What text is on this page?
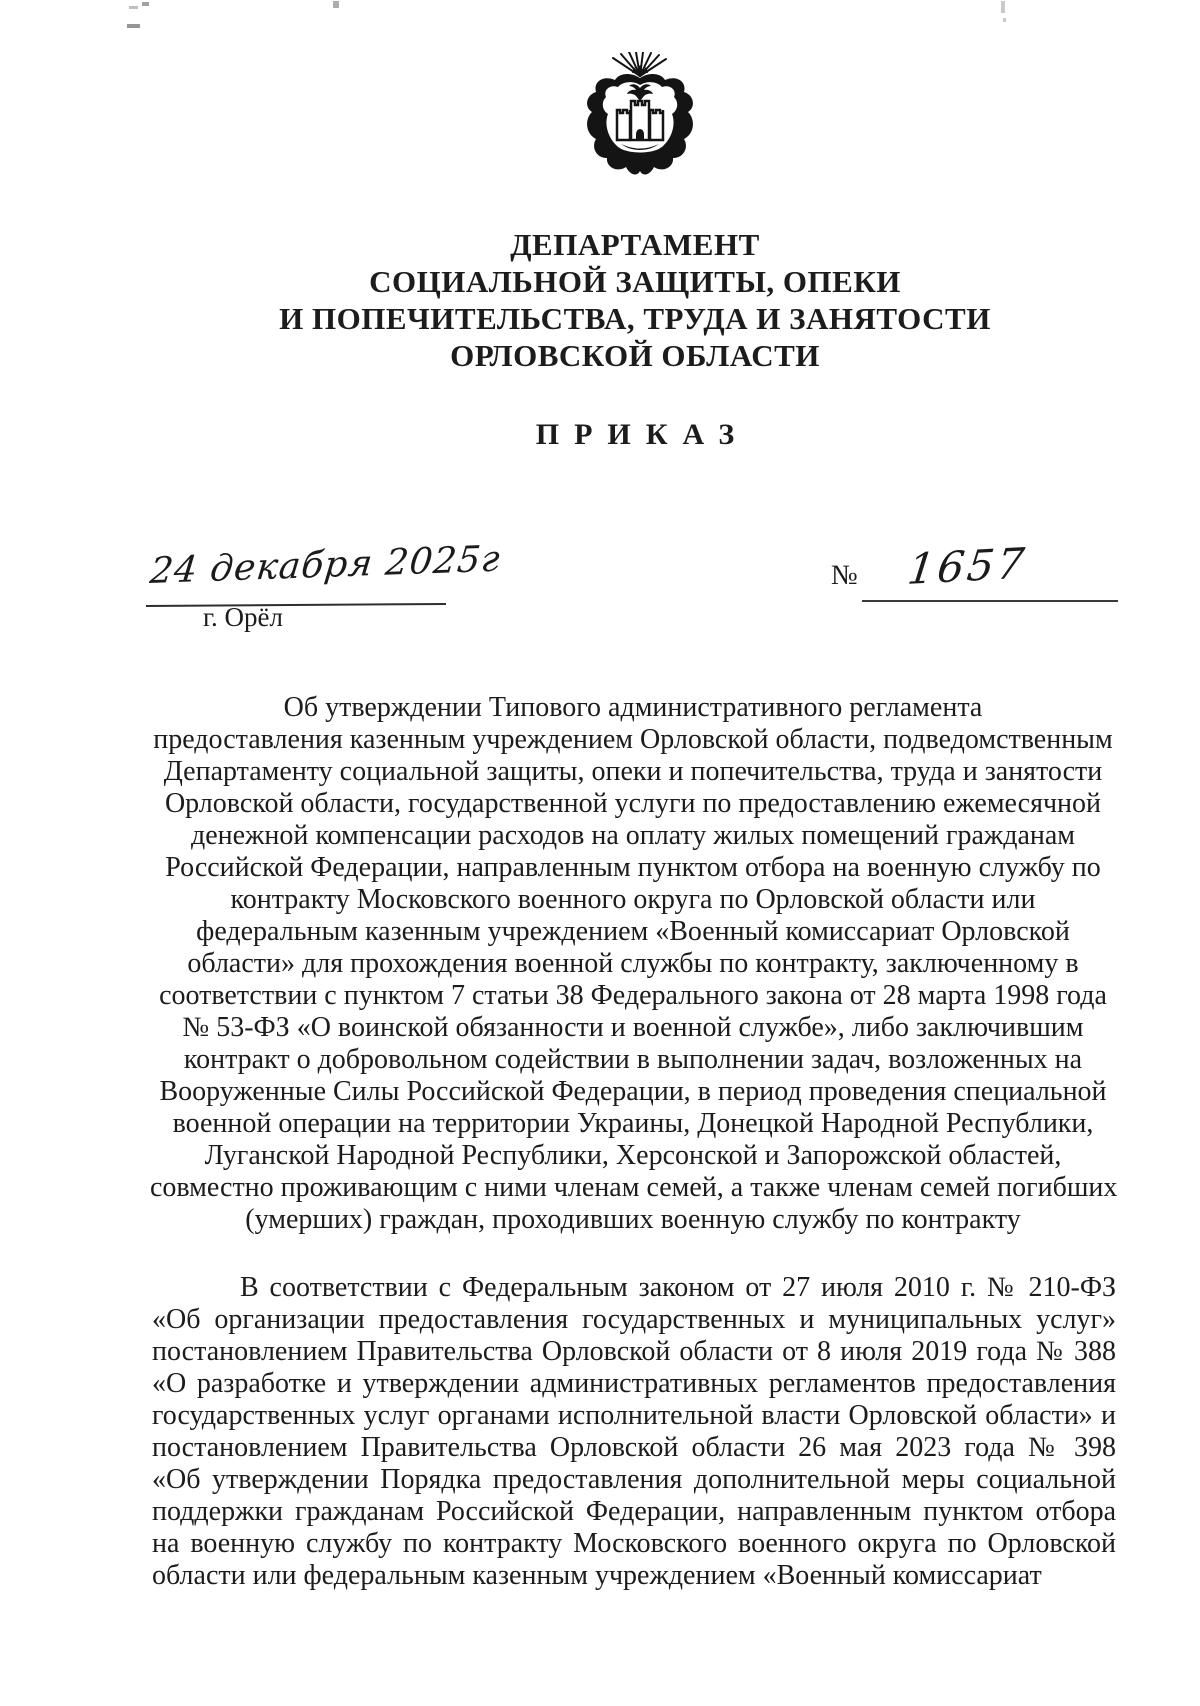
ДЕПАРТАМЕНТ
СОЦИАЛЬНОЙ ЗАЩИТЫ, ОПЕКИ
И ПОПЕЧИТЕЛЬСТВА, ТРУДА И ЗАНЯТОСТИ
ОРЛОВСКОЙ ОБЛАСТИ
ПРИКАЗ
24 декабря 2025г
г. Орёл
№ 1657
Об утверждении Типового административного регламента
предоставления казенным учреждением Орловской области, подведомственным
Департаменту социальной защиты, опеки и попечительства, труда и занятости
Орловской области, государственной услуги по предоставлению ежемесячной
денежной компенсации расходов на оплату жилых помещений гражданам
Российской Федерации, направленным пунктом отбора на военную службу по
контракту Московского военного округа по Орловской области или
федеральным казенным учреждением «Военный комиссариат Орловской
области» для прохождения военной службы по контракту, заключенному в
соответствии с пунктом 7 статьи 38 Федерального закона от 28 марта 1998 года
№ 53-ФЗ «О воинской обязанности и военной службе», либо заключившим
контракт о добровольном содействии в выполнении задач, возложенных на
Вооруженные Силы Российской Федерации, в период проведения специальной
военной операции на территории Украины, Донецкой Народной Республики,
Луганской Народной Республики, Херсонской и Запорожской областей,
совместно проживающим с ними членам семей, а также членам семей погибших
(умерших) граждан, проходивших военную службу по контракту
В соответствии с Федеральным законом от 27 июля 2010 г. № 210-ФЗ
«Об организации предоставления государственных и муниципальных услуг»
постановлением Правительства Орловской области от 8 июля 2019 года № 388
«О разработке и утверждении административных регламентов предоставления
государственных услуг органами исполнительной власти Орловской области» и
постановлением Правительства Орловской области 26 мая 2023 года № 398
«Об утверждении Порядка предоставления дополнительной меры социальной
поддержки гражданам Российской Федерации, направленным пунктом отбора
на военную службу по контракту Московского военного округа по Орловской
области или федеральным казенным учреждением «Военный комиссариат
